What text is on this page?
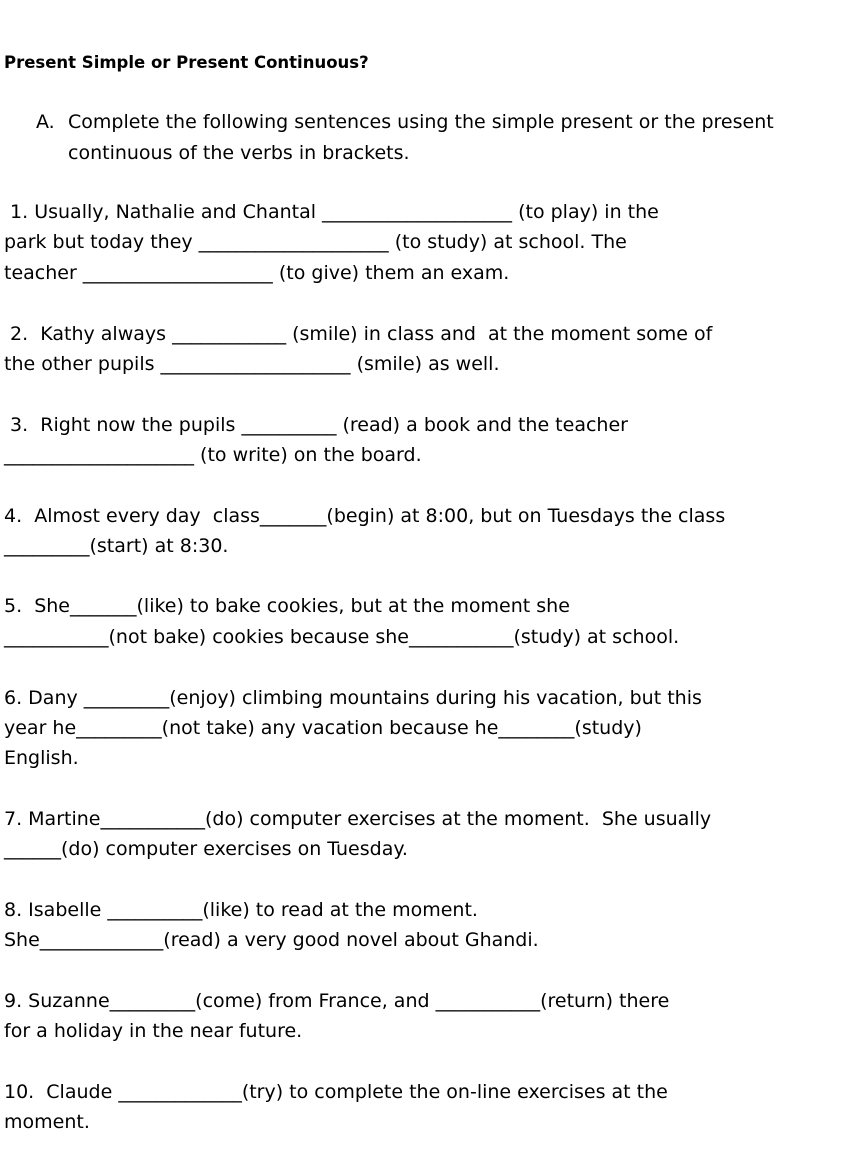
Present Simple or Present Continuous?
A. Complete the following sentences using the simple present or the present continuous of the verbs in brackets.
1. Usually, Nathalie and Chantal ____________________ (to play) in the
park but today they ____________________ (to study) at school. The
teacher ____________________ (to give) them an exam.
2.  Kathy always ____________ (smile) in class and  at the moment some of
the other pupils ____________________ (smile) as well.
3.  Right now the pupils __________ (read) a book and the teacher
____________________ (to write) on the board.
4.  Almost every day  class_______(begin) at 8:00, but on Tuesdays the class
_________(start) at 8:30.
5.  She_______(like) to bake cookies, but at the moment she
___________(not bake) cookies because she___________(study) at school.
6. Dany _________(enjoy) climbing mountains during his vacation, but this
year he_________(not take) any vacation because he________(study)
English.
7. Martine___________(do) computer exercises at the moment.  She usually
______(do) computer exercises on Tuesday.
8. Isabelle __________(like) to read at the moment.
She_____________(read) a very good novel about Ghandi.
9. Suzanne_________(come) from France, and ___________(return) there
for a holiday in the near future.
10.  Claude _____________(try) to complete the on-line exercises at the
moment.
